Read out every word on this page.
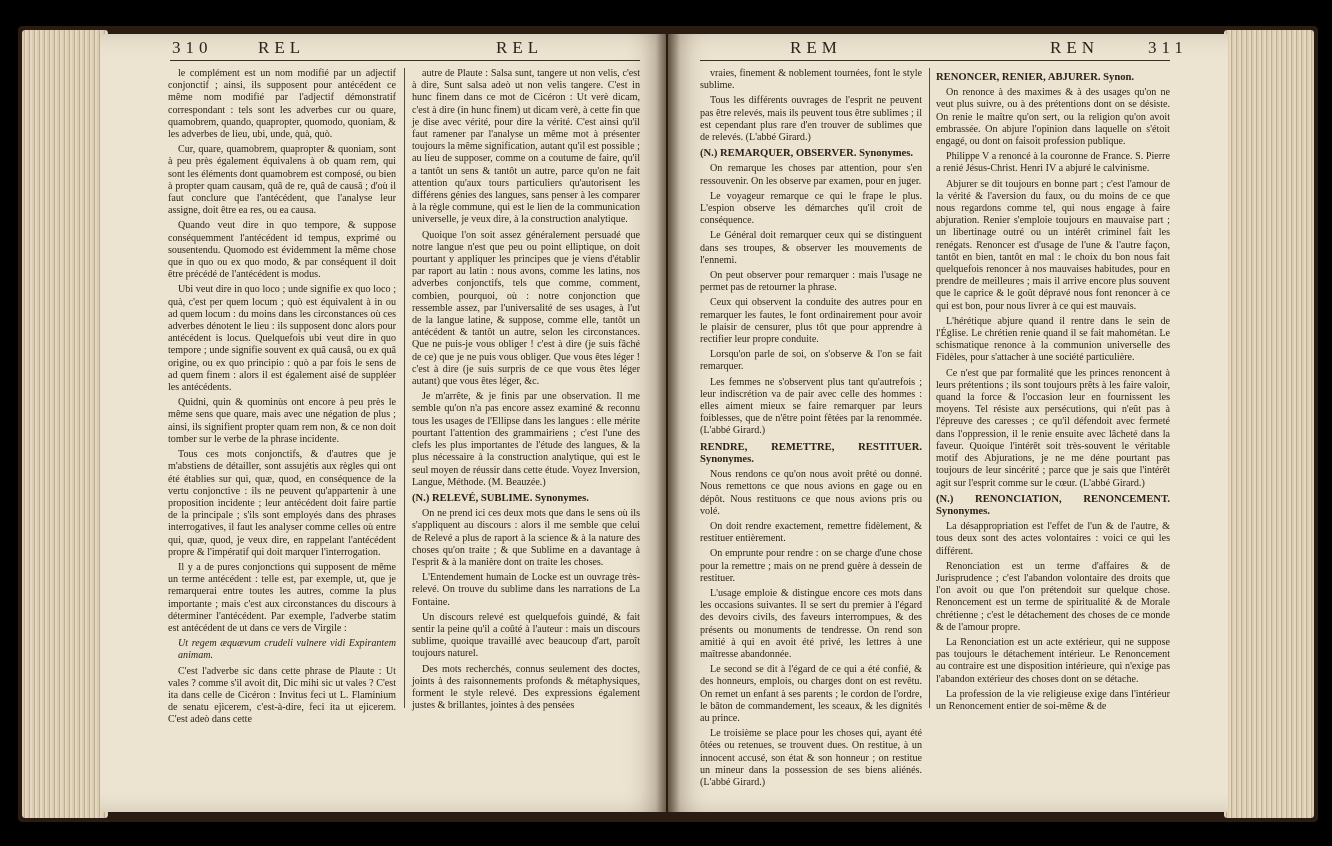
310	REL	REL	REM	REN	311

le complément est un nom modifié par un adjectif conjonctif ; ainsi, ils supposent pour antécédent ce même nom modifié par l'adjectif démonstratif correspondant : tels sont les adverbes cur ou quare, quamobrem, quando, quapropter, quomodo, quoniam, & les adverbes de lieu, ubi, unde, quà, quò.

Cur, quare, quamobrem, quapropter & quoniam, sont à peu près également équivalens à ob quam rem, qui sont les éléments dont quamobrem est composé, ou bien à propter quam causam, quâ de re, quâ de causâ ; d'où il faut conclure que l'antécédent, que l'analyse leur assigne, doit être ea res, ou ea causa.

Quando veut dire in quo tempore, & suppose conséquemment l'antécédent id tempus, exprimé ou sousentendu. Quomodo est évidemment la même chose que in quo ou ex quo modo, & par conséquent il doit être précédé de l'antécédent is modus.

Ubi veut dire in quo loco ; unde signifie ex quo loco ; quà, c'est per quem locum ; quò est équivalent à in ou ad quem locum : du moins dans les circonstances où ces adverbes dénotent le lieu : ils supposent donc alors pour antécédent is locus. Quelquefois ubi veut dire in quo tempore ; unde signifie souvent ex quâ causâ, ou ex quâ origine, ou ex quo principio : quò a par fois le sens de ad quem finem : alors il est également aisé de suppléer les antécédents.

Quidni, quin & quominùs ont encore à peu près le même sens que quare, mais avec une négation de plus ; ainsi, ils signifient propter quam rem non, & ce non doit tomber sur le verbe de la phrase incidente.

Tous ces mots conjonctifs, & d'autres que je m'abstiens de détailler, sont assujétis aux règles qui ont été établies sur qui, quæ, quod, en conséquence de la vertu conjonctive : ils ne peuvent qu'appartenir à une proposition incidente ; leur antécédent doit faire partie de la principale ; s'ils sont employés dans des phrases interrogatives, il faut les analyser comme celles où entre qui, quæ, quod, je veux dire, en rappelant l'antécédent propre & l'impératif qui doit marquer l'interrogation.

Il y a de pures conjonctions qui supposent de même un terme antécédent : telle est, par exemple, ut, que je remarquerai entre toutes les autres, comme la plus importante ; mais c'est aux circonstances du discours à déterminer l'antécédent. Par exemple, l'adverbe statim est antécédent de ut dans ce vers de Virgile :

Ut regem æquævum crudeli vulnere vidi Expirantem animam.

C'est l'adverbe sic dans cette phrase de Plaute : Ut vales ? comme s'il avoit dit, Dic mihi sic ut vales ? C'est ita dans celle de Cicéron : Invitus feci ut L. Flaminium de senatu ejicerem, c'est-à-dire, feci ita ut ejicerem. C'est adeò dans cette

autre de Plaute : Salsa sunt, tangere ut non velis, c'est à dire, Sunt salsa adeò ut non velis tangere. C'est in hunc finem dans ce mot de Cicéron : Ut verè dicam, c'est à dire (in hunc finem) ut dicam verè, à cette fin que je dise avec vérité, pour dire la vérité. C'est ainsi qu'il faut ramener par l'analyse un même mot à présenter toujours la même signification, autant qu'il est possible ; au lieu de supposer, comme on a coutume de faire, qu'il a tantôt un sens & tantôt un autre, parce qu'on ne fait attention qu'aux tours particuliers qu'autorisent les différens génies des langues, sans penser à les comparer à la règle commune, qui est le lien de la communication universelle, je veux dire, à la construction analytique.

Quoique l'on soit assez généralement persuadé que notre langue n'est que peu ou point elliptique, on doit pourtant y appliquer les principes que je viens d'établir par raport au latin : nous avons, comme les latins, nos adverbes conjonctifs, tels que comme, comment, combien, pourquoi, où : notre conjonction que ressemble assez, par l'universalité de ses usages, à l'ut de la langue latine, & suppose, comme elle, tantôt un antécédent & tantôt un autre, selon les circonstances. Que ne puis-je vous obliger ! c'est à dire (je suis fâché de ce) que je ne puis vous obliger. Que vous êtes léger ! c'est à dire (je suis surpris de ce que vous êtes léger autant) que vous êtes léger, &c.

Je m'arrête, & je finis par une observation. Il me semble qu'on n'a pas encore assez examiné & reconnu tous les usages de l'Ellipse dans les langues : elle mérite pourtant l'attention des grammairiens ; c'est l'une des clefs les plus importantes de l'étude des langues, & la plus nécessaire à la construction analytique, qui est le seul moyen de réussir dans cette étude. Voyez Inversion, Langue, Méthode. (M. Beauzée.)

(N.) RELEVÉ, SUBLIME. Synonymes.

On ne prend ici ces deux mots que dans le sens où ils s'appliquent au discours : alors il me semble que celui de Relevé a plus de raport à la science & à la nature des choses qu'on traite ; & que Sublime en a davantage à l'esprit & à la manière dont on traite les choses.

L'Entendement humain de Locke est un ouvrage très-relevé. On trouve du sublime dans les narrations de La Fontaine.

Un discours relevé est quelquefois guindé, & fait sentir la peine qu'il a coûté à l'auteur : mais un discours sublime, quoique travaillé avec beaucoup d'art, paroît toujours naturel.

Des mots recherchés, connus seulement des doctes, joints à des raisonnements profonds & métaphysiques, forment le style relevé. Des expressions également justes & brillantes, jointes à des pensées

vraies, finement & noblement tournées, font le style sublime.

Tous les différents ouvrages de l'esprit ne peuvent pas être relevés, mais ils peuvent tous être sublimes ; il est cependant plus rare d'en trouver de sublimes que de relevés. (L'abbé Girard.)

(N.) REMARQUER, OBSERVER. Synonymes.

On remarque les choses par attention, pour s'en ressouvenir. On les observe par examen, pour en juger.

Le voyageur remarque ce qui le frape le plus. L'espion observe les démarches qu'il croit de conséquence.

Le Général doit remarquer ceux qui se distinguent dans ses troupes, & observer les mouvements de l'ennemi.

On peut observer pour remarquer : mais l'usage ne permet pas de retourner la phrase.

Ceux qui observent la conduite des autres pour en remarquer les fautes, le font ordinairement pour avoir le plaisir de censurer, plus tôt que pour apprendre à rectifier leur propre conduite.

Lorsqu'on parle de soi, on s'observe & l'on se fait remarquer.

Les femmes ne s'observent plus tant qu'autrefois ; leur indiscrétion va de pair avec celle des hommes : elles aiment mieux se faire remarquer par leurs foiblesses, que de n'être point fêtées par la renommée. (L'abbé Girard.)

RENDRE, REMETTRE, RESTITUER. Synonymes.

Nous rendons ce qu'on nous avoit prêté ou donné. Nous remettons ce que nous avions en gage ou en dépôt. Nous restituons ce que nous avions pris ou volé.

On doit rendre exactement, remettre fidèlement, & restituer entièrement.

On emprunte pour rendre : on se charge d'une chose pour la remettre ; mais on ne prend guère à dessein de restituer.

L'usage emploie & distingue encore ces mots dans les occasions suivantes. Il se sert du premier à l'égard des devoirs civils, des faveurs interrompues, & des présents ou monuments de tendresse. On rend son amitié à qui en avoit été privé, les lettres à une maîtresse abandonnée.

Le second se dit à l'égard de ce qui a été confié, & des honneurs, emplois, ou charges dont on est revêtu. On remet un enfant à ses parents ; le cordon de l'ordre, le bâton de commandement, les sceaux, & les dignités au prince.

Le troisième se place pour les choses qui, ayant été ôtées ou retenues, se trouvent dues. On restitue, à un innocent accusé, son état & son honneur ; on restitue un mineur dans la possession de ses biens aliénés. (L'abbé Girard.)

RENONCER, RENIER, ABJURER. Synon.

On renonce à des maximes & à des usages qu'on ne veut plus suivre, ou à des prétentions dont on se désiste. On renie le maître qu'on sert, ou la religion qu'on avoit embrassée. On abjure l'opinion dans laquelle on s'étoit engagé, ou dont on faisoit profession publique.

Philippe V a renoncé à la couronne de France. S. Pierre a renié Jésus-Christ. Henri IV a abjuré le calvinisme.

Abjurer se dit toujours en bonne part ; c'est l'amour de la vérité & l'aversion du faux, ou du moins de ce que nous regardons comme tel, qui nous engage à faire abjuration. Renier s'emploie toujours en mauvaise part ; un libertinage outré ou un intérêt criminel fait les renégats. Renoncer est d'usage de l'une & l'autre façon, tantôt en bien, tantôt en mal : le choix du bon nous fait quelquefois renoncer à nos mauvaises habitudes, pour en prendre de meilleures ; mais il arrive encore plus souvent que le caprice & le goût dépravé nous font renoncer à ce qui est bon, pour nous livrer à ce qui est mauvais.

L'hérétique abjure quand il rentre dans le sein de l'Église. Le chrétien renie quand il se fait mahométan. Le schismatique renonce à la communion universelle des Fidèles, pour s'attacher à une société particulière.

Ce n'est que par formalité que les princes renoncent à leurs prétentions ; ils sont toujours prêts à les faire valoir, quand la force & l'occasion leur en fournissent les moyens. Tel résiste aux persécutions, qui n'eût pas à l'épreuve des caresses ; ce qu'il défendoit avec fermeté dans l'oppression, il le renie ensuite avec lâcheté dans la faveur. Quoique l'intérêt soit très-souvent le véritable motif des Abjurations, je ne me déne pourtant pas toujours de leur sincérité ; parce que je sais que l'intérêt agit sur l'esprit comme sur le cœur. (L'abbé Girard.)

(N.) RENONCIATION, RENONCEMENT. Synonymes.

La désappropriation est l'effet de l'un & de l'autre, & tous deux sont des actes volontaires : voici ce qui les différent.

Renonciation est un terme d'affaires & de Jurisprudence ; c'est l'abandon volontaire des droits que l'on avoit ou que l'on prétendoit sur quelque chose. Renoncement est un terme de spiritualité & de Morale chrétienne ; c'est le détachement des choses de ce monde & de l'amour propre.

La Renonciation est un acte extérieur, qui ne suppose pas toujours le détachement intérieur. Le Renoncement au contraire est une disposition intérieure, qui n'exige pas l'abandon extérieur des choses dont on se détache.

La profession de la vie religieuse exige dans l'intérieur un Renoncement entier de soi-même & de
